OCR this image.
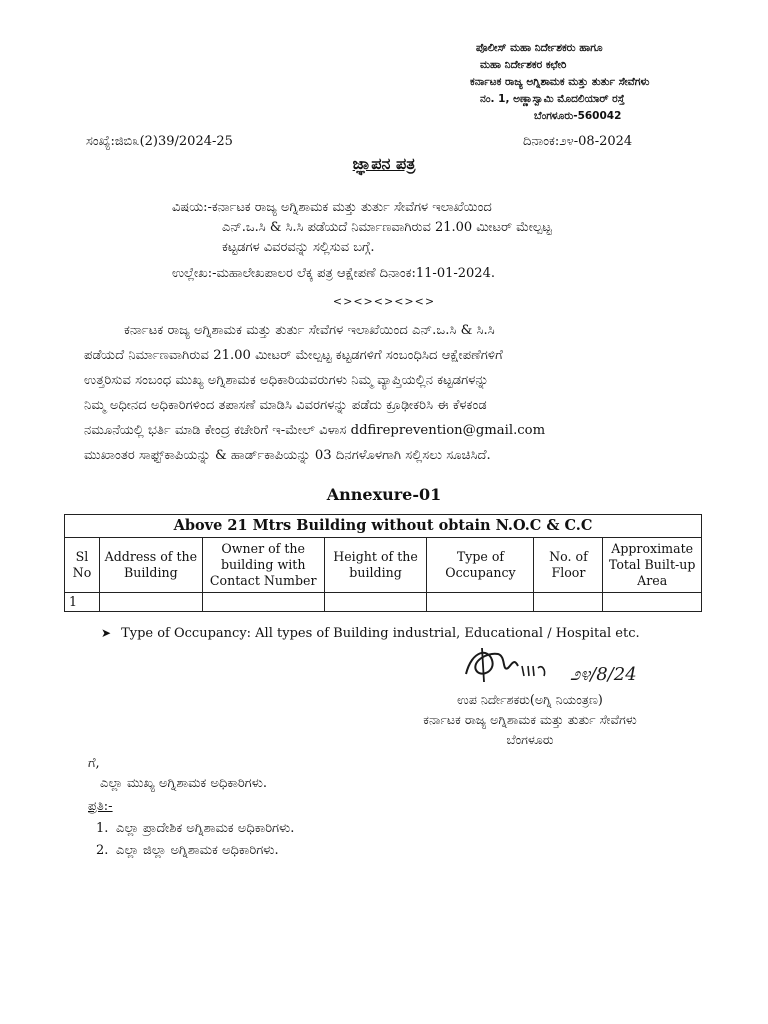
ಪೊಲೀಸ್ ಮಹಾ ನಿರ್ದೇಶಕರು ಹಾಗೂ
ಮಹಾ ನಿರ್ದೇಶಕರ ಕಛೇರಿ
ಕರ್ನಾಟಕ ರಾಜ್ಯ ಅಗ್ನಿಶಾಮಕ ಮತ್ತು ತುರ್ತು ಸೇವೆಗಳು
ನಂ. 1, ಅಣ್ಣಾಸ್ವಾಮಿ ಮೊದಲಿಯಾರ್ ರಸ್ತೆ
ಬೆಂಗಳೂರು-560042
ಸಂಖ್ಯೆ:ಜಿಬಿ೩(2)39/2024-25	ದಿನಾಂಕ:೨೪-08-2024
ಜ್ಞಾಪನ ಪತ್ರ
ವಿಷಯ:-ಕರ್ನಾಟಕ ರಾಜ್ಯ ಅಗ್ನಿಶಾಮಕ ಮತ್ತು ತುರ್ತು ಸೇವೆಗಳ ಇಲಾಖೆಯಿಂದ
ಎನ್.ಒ.ಸಿ & ಸಿ.ಸಿ ಪಡೆಯದೆ ನಿರ್ಮಾಣವಾಗಿರುವ 21.00 ಮೀಟರ್ ಮೇಲ್ಪಟ್ಟ
ಕಟ್ಟಡಗಳ ವಿವರವನ್ನು ಸಲ್ಲಿಸುವ ಬಗ್ಗೆ.
ಉಲ್ಲೇಖ:-ಮಹಾಲೇಖಪಾಲರ ಲೆಕ್ಕ ಪತ್ರ ಆಕ್ಷೇಪಣೆ ದಿನಾಂಕ:11-01-2024.
<><><><><>
ಕರ್ನಾಟಕ ರಾಜ್ಯ ಅಗ್ನಿಶಾಮಕ ಮತ್ತು ತುರ್ತು ಸೇವೆಗಳ ಇಲಾಖೆಯಿಂದ ಎನ್.ಒ.ಸಿ & ಸಿ.ಸಿ
ಪಡೆಯದೆ ನಿರ್ಮಾಣವಾಗಿರುವ 21.00 ಮೀಟರ್ ಮೇಲ್ಪಟ್ಟ ಕಟ್ಟಡಗಳಿಗೆ ಸಂಬಂಧಿಸಿದ ಆಕ್ಷೇಪಣೆಗಳಿಗೆ
ಉತ್ತರಿಸುವ ಸಂಬಂಧ ಮುಖ್ಯ ಅಗ್ನಿಶಾಮಕ ಅಧಿಕಾರಿಯವರುಗಳು ನಿಮ್ಮ ವ್ಯಾಪ್ತಿಯಲ್ಲಿನ ಕಟ್ಟಡಗಳನ್ನು
ನಿಮ್ಮ ಅಧೀನದ ಅಧಿಕಾರಿಗಳಿಂದ ತಪಾಸಣೆ ಮಾಡಿಸಿ ವಿವರಗಳನ್ನು ಪಡೆದು ಕ್ರೂಢೀಕರಿಸಿ ಈ ಕೆಳಕಂಡ
ನಮೂನೆಯಲ್ಲಿ ಭರ್ತಿ ಮಾಡಿ ಕೇಂದ್ರ ಕಚೇರಿಗೆ ಇ-ಮೇಲ್ ವಿಳಾಸ ddfireprevention@gmail.com
ಮುಖಾಂತರ ಸಾಫ್ಟ್‌ಕಾಪಿಯನ್ನು & ಹಾರ್ಡ್‌ಕಾಪಿಯನ್ನು 03 ದಿನಗಳೊಳಗಾಗಿ ಸಲ್ಲಿಸಲು ಸೂಚಿಸಿದೆ.
Annexure-01
Above 21 Mtrs Building without obtain N.O.C & C.C						
Sl No	Address of the Building	Owner of the building with Contact Number	Height of the building	Type of Occupancy	No. of Floor	Approximate Total Built-up Area
1						
➤ Type of Occupancy: All types of Building industrial, Educational / Hospital etc.
೨೪/8/24
ಉಪ ನಿರ್ದೇಶಕರು(ಅಗ್ನಿ ನಿಯಂತ್ರಣ)
ಕರ್ನಾಟಕ ರಾಜ್ಯ ಅಗ್ನಿಶಾಮಕ ಮತ್ತು ತುರ್ತು ಸೇವೆಗಳು
ಬೆಂಗಳೂರು
ಗೆ,
ಎಲ್ಲಾ ಮುಖ್ಯ ಅಗ್ನಿಶಾಮಕ ಅಧಿಕಾರಿಗಳು.
ಪ್ರತಿ:-
1. ಎಲ್ಲಾ ಪ್ರಾದೇಶಿಕ ಅಗ್ನಿಶಾಮಕ ಅಧಿಕಾರಿಗಳು.
2. ಎಲ್ಲಾ ಜಿಲ್ಲಾ ಅಗ್ನಿಶಾಮಕ ಅಧಿಕಾರಿಗಳು.
